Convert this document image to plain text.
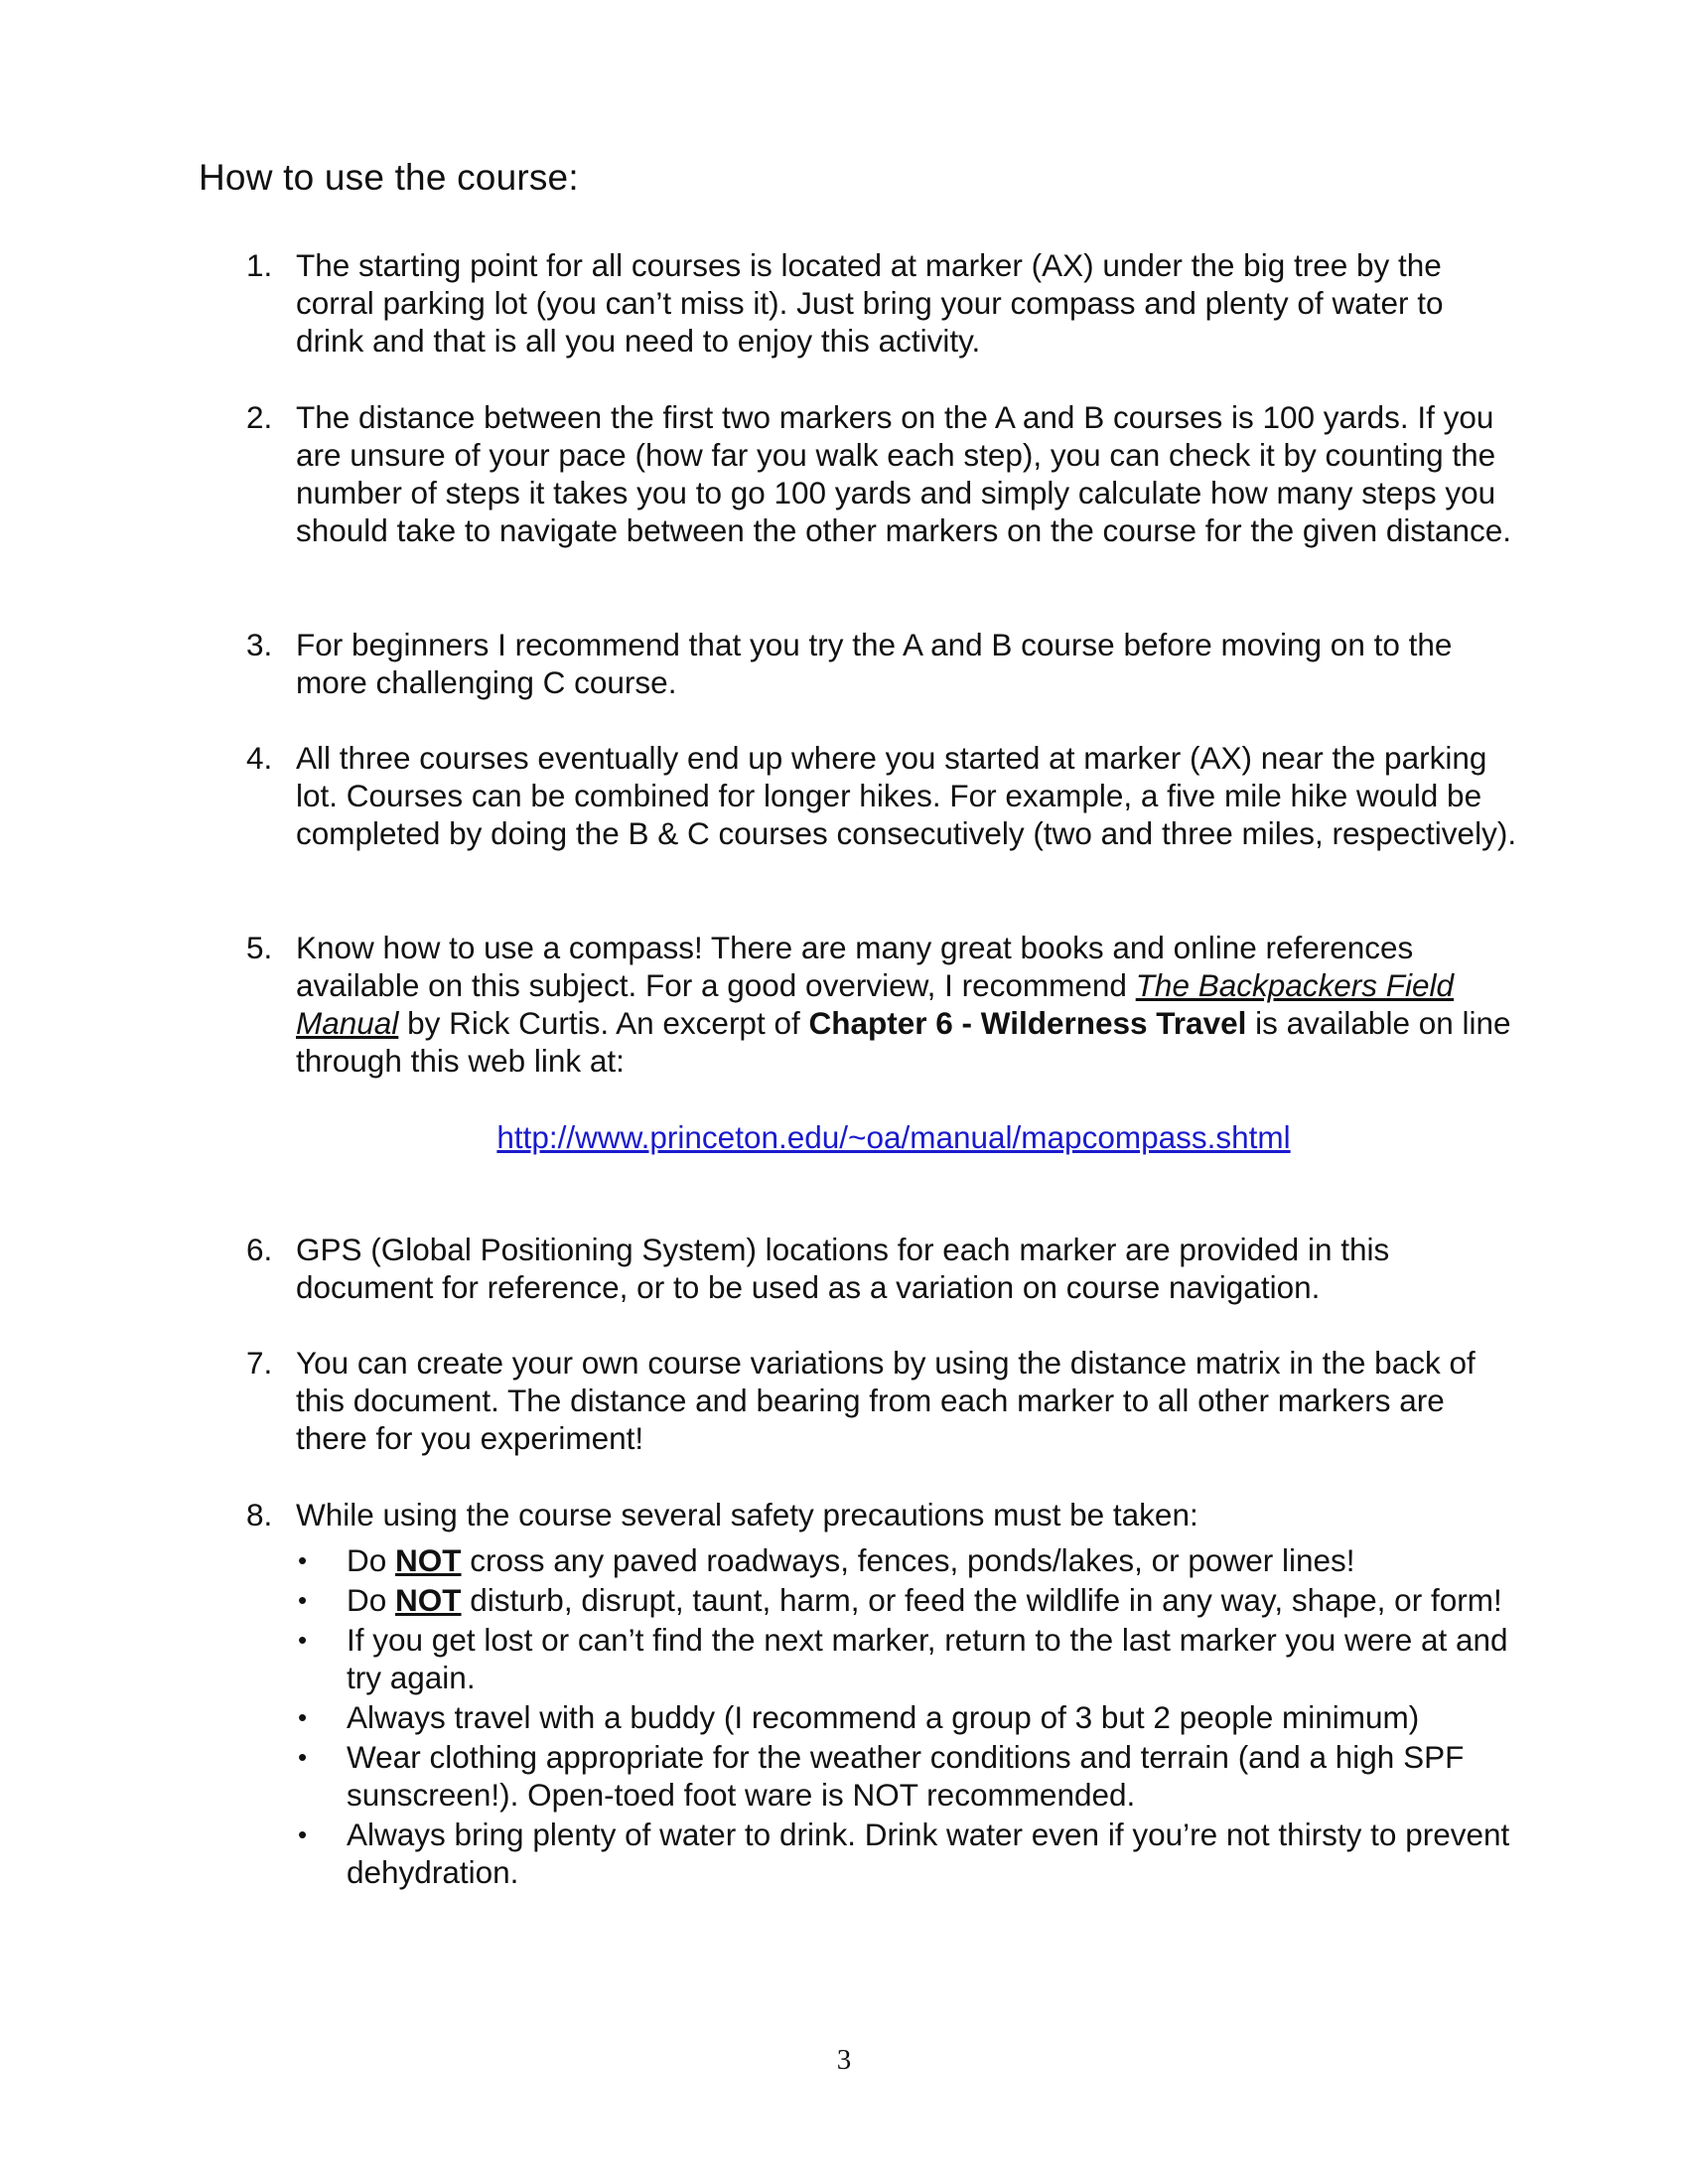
How to use the course:
1. The starting point for all courses is located at marker (AX) under the big tree by the corral parking lot (you can’t miss it). Just bring your compass and plenty of water to drink and that is all you need to enjoy this activity.
2. The distance between the first two markers on the A and B courses is 100 yards. If you are unsure of your pace (how far you walk each step), you can check it by counting the number of steps it takes you to go 100 yards and simply calculate how many steps you should take to navigate between the other markers on the course for the given distance.
3. For beginners I recommend that you try the A and B course before moving on to the more challenging C course.
4. All three courses eventually end up where you started at marker (AX) near the parking lot. Courses can be combined for longer hikes. For example, a five mile hike would be completed by doing the B & C courses consecutively (two and three miles, respectively).
5. Know how to use a compass! There are many great books and online references available on this subject. For a good overview, I recommend The Backpackers Field Manual by Rick Curtis. An excerpt of Chapter 6 - Wilderness Travel is available on line through this web link at:
http://www.princeton.edu/~oa/manual/mapcompass.shtml
6. GPS (Global Positioning System) locations for each marker are provided in this document for reference, or to be used as a variation on course navigation.
7. You can create your own course variations by using the distance matrix in the back of this document. The distance and bearing from each marker to all other markers are there for you experiment!
8. While using the course several safety precautions must be taken:
• Do NOT cross any paved roadways, fences, ponds/lakes, or power lines!
• Do NOT disturb, disrupt, taunt, harm, or feed the wildlife in any way, shape, or form!
• If you get lost or can’t find the next marker, return to the last marker you were at and try again.
• Always travel with a buddy (I recommend a group of 3 but 2 people minimum)
• Wear clothing appropriate for the weather conditions and terrain (and a high SPF sunscreen!). Open-toed foot ware is NOT recommended.
• Always bring plenty of water to drink. Drink water even if you’re not thirsty to prevent dehydration.
3
